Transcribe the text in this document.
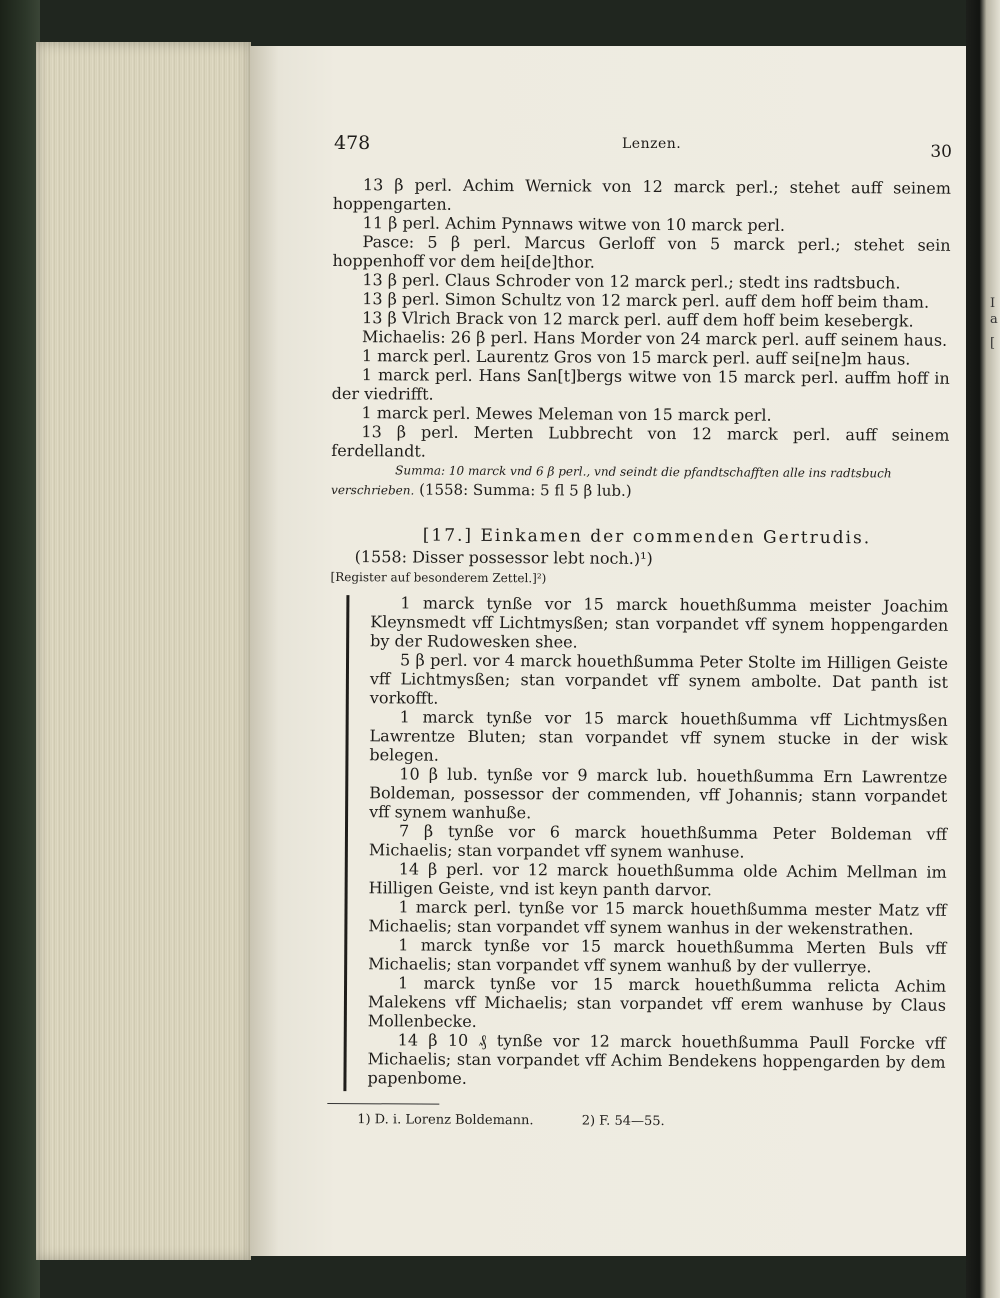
I
a
[
478	Lenzen.	30

13 β perl. Achim Wernick von 12 marck perl.; stehet auff seinem hoppengarten.

11 β perl. Achim Pynnaws witwe von 10 marck perl.

Pasce: 5 β perl. Marcus Gerloff von 5 marck perl.; stehet sein hoppenhoff vor dem hei[de]thor.

13 β perl. Claus Schroder von 12 marck perl.; stedt ins radtsbuch.

13 β perl. Simon Schultz von 12 marck perl. auff dem hoff beim tham.

13 β Vlrich Brack von 12 marck perl. auff dem hoff beim kesebergk.

Michaelis: 26 β perl. Hans Morder von 24 marck perl. auff seinem haus.

1 marck perl. Laurentz Gros von 15 marck perl. auff sei[ne]m haus.

1 marck perl. Hans San[t]bergs witwe von 15 marck perl. auffm hoff in der viedrifft.

1 marck perl. Mewes Meleman von 15 marck perl.

13 β perl. Merten Lubbrecht von 12 marck perl. auff seinem ferdellandt.

Summa: 10 marck vnd 6 β perl., vnd seindt die pfandtschafften alle ins radtsbuch verschrieben. (1558: Summa: 5 fl 5 β lub.)

[17.] Einkamen der commenden Gertrudis.

(1558: Disser possessor lebt noch.)¹)

[Register auf besonderem Zettel.]²)

1 marck tynße vor 15 marck houethßumma meister Joachim Kleynsmedt vff Lichtmysßen; stan vorpandet vff synem hoppengarden by der Rudowesken shee.

5 β perl. vor 4 marck houethßumma Peter Stolte im Hilligen Geiste vff Lichtmysßen; stan vorpandet vff synem ambolte. Dat panth ist vorkofft.

1 marck tynße vor 15 marck houethßumma vff Lichtmysßen Lawrentze Bluten; stan vorpandet vff synem stucke in der wisk belegen.

10 β lub. tynße vor 9 marck lub. houethßumma Ern Lawrentze Boldeman, possessor der commenden, vff Johannis; stann vorpandet vff synem wanhuße.

7 β tynße vor 6 marck houethßumma Peter Boldeman vff Michaelis; stan vorpandet vff synem wanhuse.

14 β perl. vor 12 marck houethßumma olde Achim Mellman im Hilligen Geiste, vnd ist keyn panth darvor.

1 marck perl. tynße vor 15 marck houethßumma mester Matz vff Michaelis; stan vorpandet vff synem wanhus in der wekenstrathen.

1 marck tynße vor 15 marck houethßumma Merten Buls vff Michaelis; stan vorpandet vff synem wanhuß by der vullerrye.

1 marck tynße vor 15 marck houethßumma relicta Achim Malekens vff Michaelis; stan vorpandet vff erem wanhuse by Claus Mollenbecke.

14 β 10 ₰ tynße vor 12 marck houethßumma Paull Forcke vff Michaelis; stan vorpandet vff Achim Bendekens hoppengarden by dem papenbome.

1) D. i. Lorenz Boldemann.	2) F. 54—55.
